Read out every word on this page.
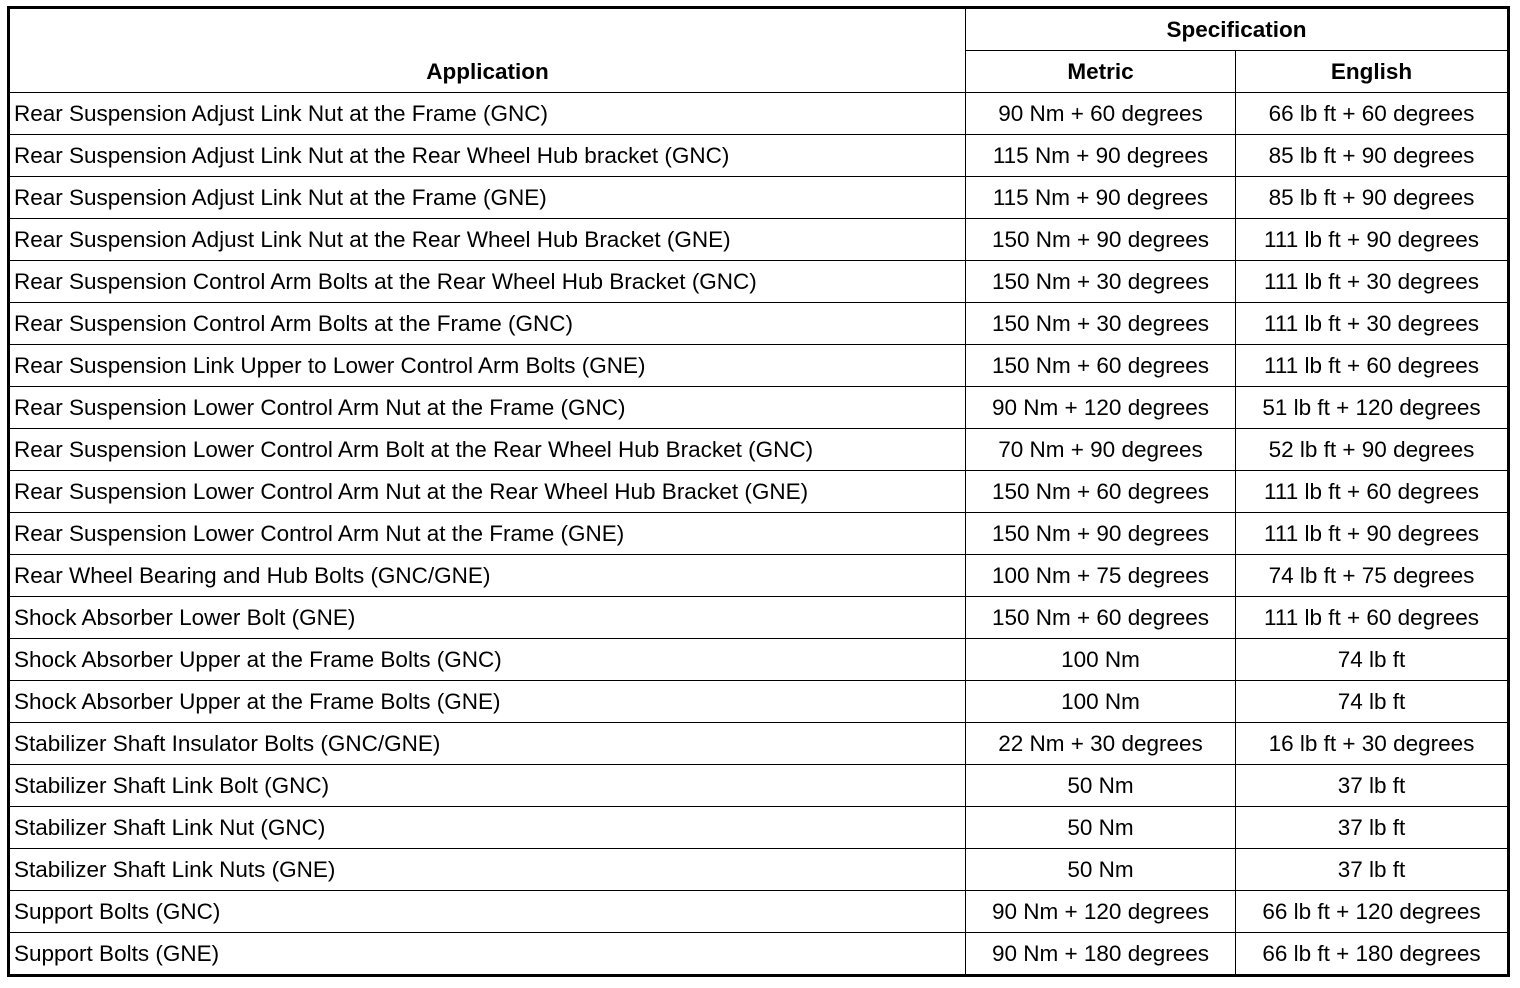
Application	Specification	
	Metric	English
Rear Suspension Adjust Link Nut at the Frame (GNC)	90 Nm + 60 degrees	66 lb ft + 60 degrees
Rear Suspension Adjust Link Nut at the Rear Wheel Hub bracket (GNC)	115 Nm + 90 degrees	85 lb ft + 90 degrees
Rear Suspension Adjust Link Nut at the Frame (GNE)	115 Nm + 90 degrees	85 lb ft + 90 degrees
Rear Suspension Adjust Link Nut at the Rear Wheel Hub Bracket (GNE)	150 Nm + 90 degrees	111 lb ft + 90 degrees
Rear Suspension Control Arm Bolts at the Rear Wheel Hub Bracket (GNC)	150 Nm + 30 degrees	111 lb ft + 30 degrees
Rear Suspension Control Arm Bolts at the Frame (GNC)	150 Nm + 30 degrees	111 lb ft + 30 degrees
Rear Suspension Link Upper to Lower Control Arm Bolts (GNE)	150 Nm + 60 degrees	111 lb ft + 60 degrees
Rear Suspension Lower Control Arm Nut at the Frame (GNC)	90 Nm + 120 degrees	51 lb ft + 120 degrees
Rear Suspension Lower Control Arm Bolt at the Rear Wheel Hub Bracket (GNC)	70 Nm + 90 degrees	52 lb ft + 90 degrees
Rear Suspension Lower Control Arm Nut at the Rear Wheel Hub Bracket (GNE)	150 Nm + 60 degrees	111 lb ft + 60 degrees
Rear Suspension Lower Control Arm Nut at the Frame (GNE)	150 Nm + 90 degrees	111 lb ft + 90 degrees
Rear Wheel Bearing and Hub Bolts (GNC/GNE)	100 Nm + 75 degrees	74 lb ft + 75 degrees
Shock Absorber Lower Bolt (GNE)	150 Nm + 60 degrees	111 lb ft + 60 degrees
Shock Absorber Upper at the Frame Bolts (GNC)	100 Nm	74 lb ft
Shock Absorber Upper at the Frame Bolts (GNE)	100 Nm	74 lb ft
Stabilizer Shaft Insulator Bolts (GNC/GNE)	22 Nm + 30 degrees	16 lb ft + 30 degrees
Stabilizer Shaft Link Bolt (GNC)	50 Nm	37 lb ft
Stabilizer Shaft Link Nut (GNC)	50 Nm	37 lb ft
Stabilizer Shaft Link Nuts (GNE)	50 Nm	37 lb ft
Support Bolts (GNC)	90 Nm + 120 degrees	66 lb ft + 120 degrees
Support Bolts (GNE)	90 Nm + 180 degrees	66 lb ft + 180 degrees
